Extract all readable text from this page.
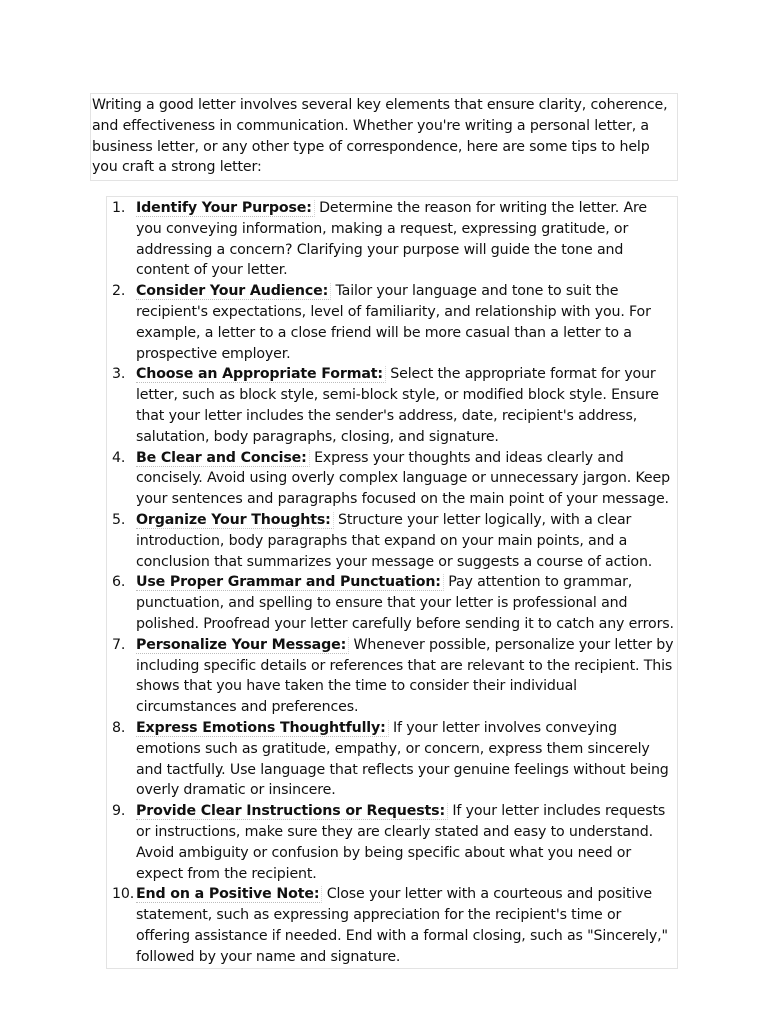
Writing a good letter involves several key elements that ensure clarity, coherence, and effectiveness in communication. Whether you're writing a personal letter, a business letter, or any other type of correspondence, here are some tips to help you craft a strong letter:

1. Identify Your Purpose: Determine the reason for writing the letter. Are you conveying information, making a request, expressing gratitude, or addressing a concern? Clarifying your purpose will guide the tone and content of your letter.
2. Consider Your Audience: Tailor your language and tone to suit the recipient's expectations, level of familiarity, and relationship with you. For example, a letter to a close friend will be more casual than a letter to a prospective employer.
3. Choose an Appropriate Format: Select the appropriate format for your letter, such as block style, semi-block style, or modified block style. Ensure that your letter includes the sender's address, date, recipient's address, salutation, body paragraphs, closing, and signature.
4. Be Clear and Concise: Express your thoughts and ideas clearly and concisely. Avoid using overly complex language or unnecessary jargon. Keep your sentences and paragraphs focused on the main point of your message.
5. Organize Your Thoughts: Structure your letter logically, with a clear introduction, body paragraphs that expand on your main points, and a conclusion that summarizes your message or suggests a course of action.
6. Use Proper Grammar and Punctuation: Pay attention to grammar, punctuation, and spelling to ensure that your letter is professional and polished. Proofread your letter carefully before sending it to catch any errors.
7. Personalize Your Message: Whenever possible, personalize your letter by including specific details or references that are relevant to the recipient. This shows that you have taken the time to consider their individual circumstances and preferences.
8. Express Emotions Thoughtfully: If your letter involves conveying emotions such as gratitude, empathy, or concern, express them sincerely and tactfully. Use language that reflects your genuine feelings without being overly dramatic or insincere.
9. Provide Clear Instructions or Requests: If your letter includes requests or instructions, make sure they are clearly stated and easy to understand. Avoid ambiguity or confusion by being specific about what you need or expect from the recipient.
10. End on a Positive Note: Close your letter with a courteous and positive statement, such as expressing appreciation for the recipient's time or offering assistance if needed. End with a formal closing, such as "Sincerely," followed by your name and signature.
